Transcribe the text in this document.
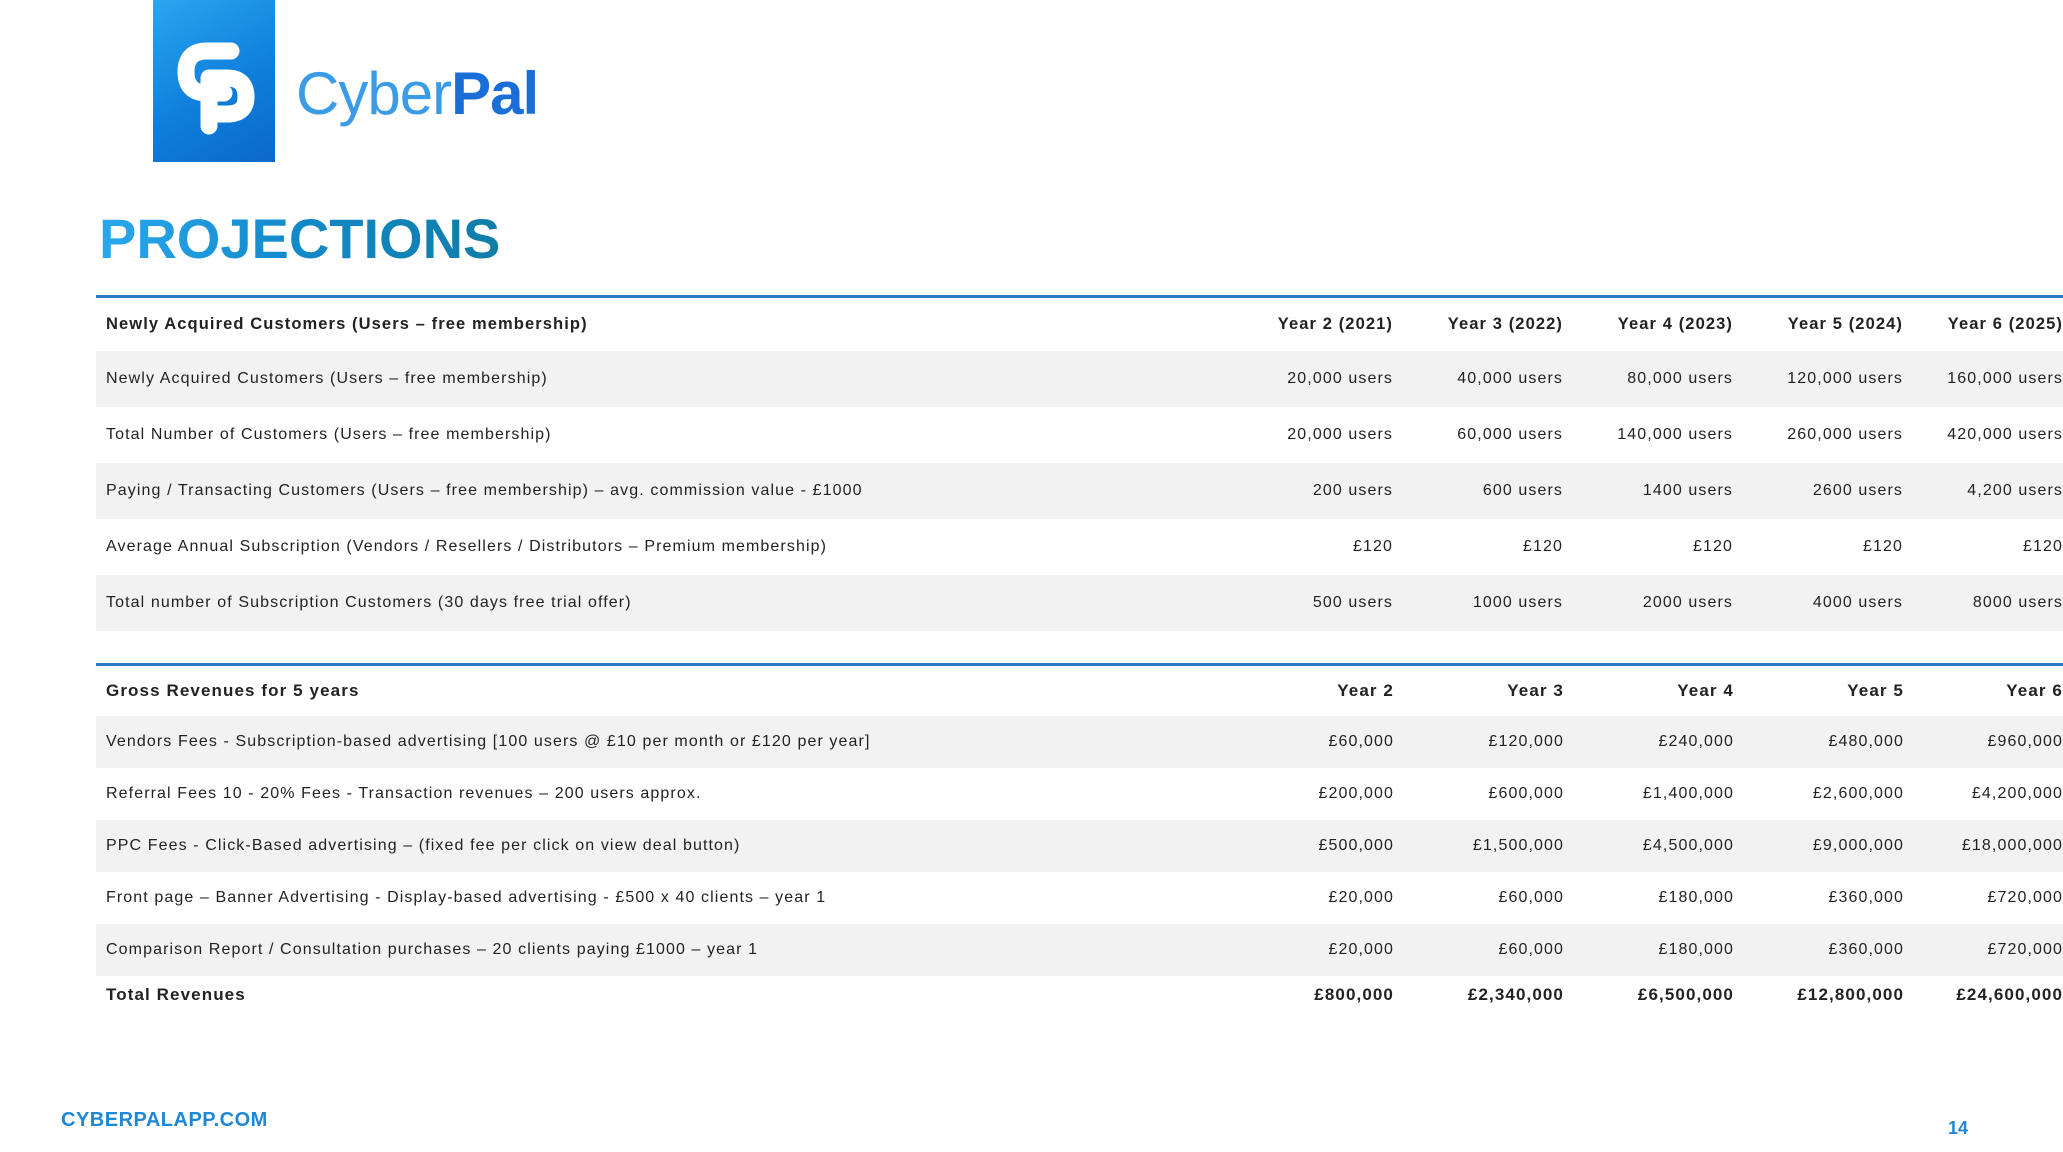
CyberPal
PROJECTIONS
Newly Acquired Customers (Users – free membership)	Year 2 (2021)	Year 3 (2022)	Year 4 (2023)	Year 5 (2024)	Year 6 (2025)
Newly Acquired Customers (Users – free membership)	20,000 users	40,000 users	80,000 users	120,000 users	160,000 users
Total Number of Customers (Users – free membership)	20,000 users	60,000 users	140,000 users	260,000 users	420,000 users
Paying / Transacting Customers (Users – free membership) – avg. commission value - £1000	200 users	600 users	1400 users	2600 users	4,200 users
Average Annual Subscription (Vendors / Resellers / Distributors – Premium membership)	£120	£120	£120	£120	£120
Total number of Subscription Customers (30 days free trial offer)	500 users	1000 users	2000 users	4000 users	8000 users
Gross Revenues for 5 years	Year 2	Year 3	Year 4	Year 5	Year 6
Vendors Fees - Subscription-based advertising [100 users @ £10 per month or £120 per year]	£60,000	£120,000	£240,000	£480,000	£960,000
Referral Fees 10 - 20% Fees - Transaction revenues – 200 users approx.	£200,000	£600,000	£1,400,000	£2,600,000	£4,200,000
PPC Fees - Click-Based advertising – (fixed fee per click on view deal button)	£500,000	£1,500,000	£4,500,000	£9,000,000	£18,000,000
Front page – Banner Advertising - Display-based advertising - £500 x 40 clients – year 1	£20,000	£60,000	£180,000	£360,000	£720,000
Comparison Report / Consultation purchases – 20 clients paying £1000 – year 1	£20,000	£60,000	£180,000	£360,000	£720,000
Total Revenues	£800,000	£2,340,000	£6,500,000	£12,800,000	£24,600,000

CYBERPALAPP.COM	14
